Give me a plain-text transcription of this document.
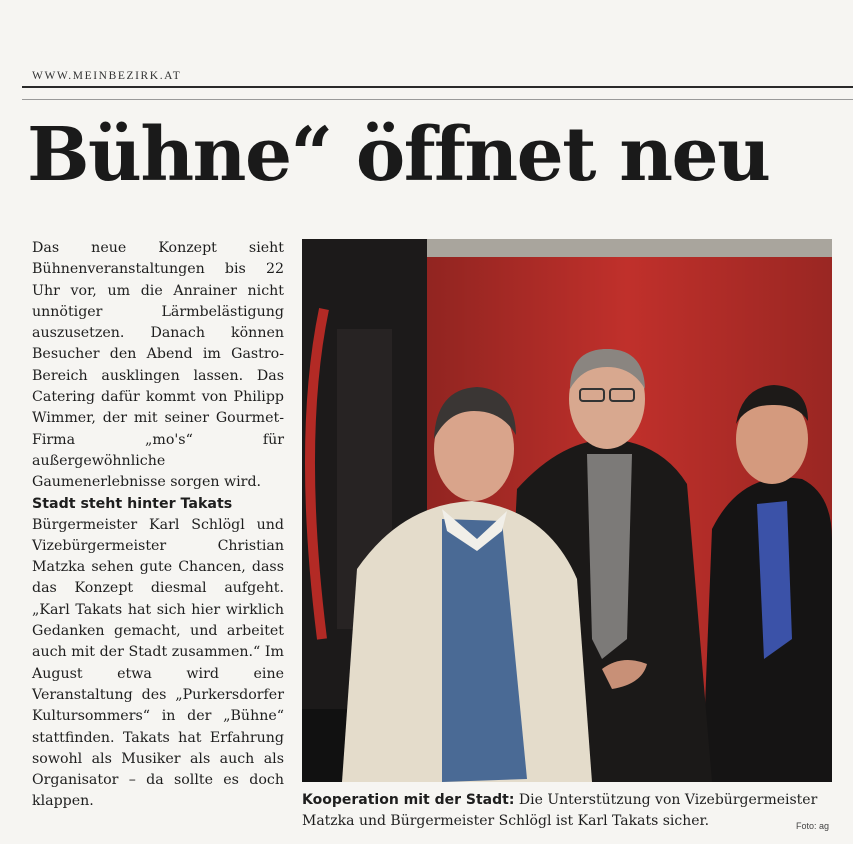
WWW.MEINBEZIRK.AT
Bühne“ öffnet neu

Das neue Konzept sieht Bühnenveranstaltungen bis 22 Uhr vor, um die Anrainer nicht unnötiger Lärmbelästigung auszusetzen. Danach können Besucher den Abend im Gastro-Bereich ausklingen lassen. Das Catering dafür kommt von Philipp Wimmer, der mit seiner Gourmet-Firma „mo's“ für außergewöhnliche Gaumenerlebnisse sorgen wird.

Stadt steht hinter Takats

Bürgermeister Karl Schlögl und Vizebürgermeister Christian Matzka sehen gute Chancen, dass das Konzept diesmal aufgeht. „Karl Takats hat sich hier wirklich Gedanken gemacht, und arbeitet auch mit der Stadt zusammen.“ Im August etwa wird eine Veranstaltung des „Purkersdorfer Kultursommers“ in der „Bühne“ stattfinden. Takats hat Erfahrung sowohl als Musiker als auch als Organisator – da sollte es doch klappen.	Kooperation mit der Stadt: Die Unterstützung von Vizebürgermeister Matzka und Bürgermeister Schlögl ist Karl Takats sicher.	Foto: ag
